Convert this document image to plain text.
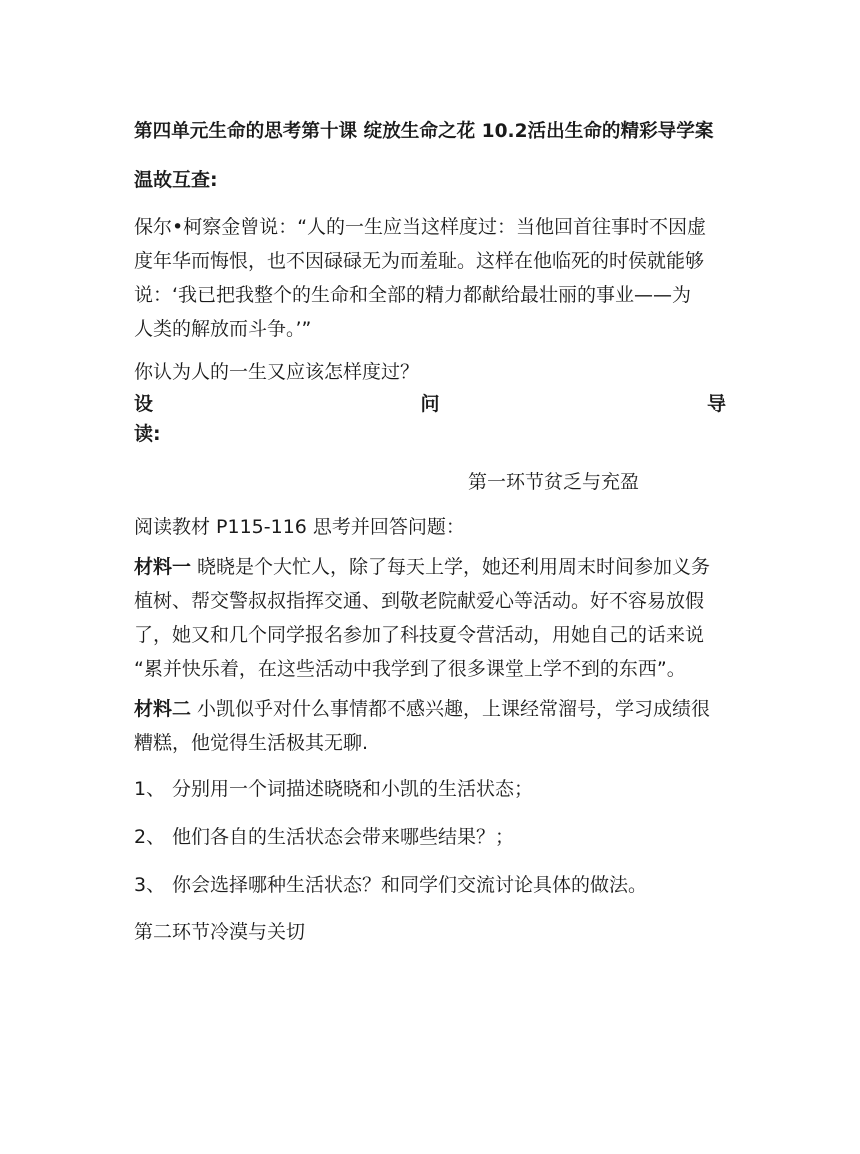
第四单元生命的思考第十课 绽放生命之花 10.2活出生命的精彩导学案

温故互查:

保尔•柯察金曾说：“人的一生应当这样度过：当他回首往事时不因虚

度年华而悔恨，也不因碌碌无为而羞耻。这样在他临死的时侯就能够

说：‘我已把我整个的生命和全部的精力都献给最壮丽的事业——为

人类的解放而斗争。’”

你认为人的一生又应该怎样度过？

设	问	导

读:

第一环节贫乏与充盈

阅读教材 P115-116 思考并回答问题：

材料一 晓晓是个大忙人，除了每天上学，她还利用周末时间参加义务

植树、帮交警叔叔指挥交通、到敬老院献爱心等活动。好不容易放假

了，她又和几个同学报名参加了科技夏令营活动，用她自己的话来说

“累并快乐着，在这些活动中我学到了很多课堂上学不到的东西”。

材料二 小凯似乎对什么事情都不感兴趣，上课经常溜号，学习成绩很

糟糕，他觉得生活极其无聊.

1、 分别用一个词描述晓晓和小凯的生活状态；
2、 他们各自的生活状态会带来哪些结果？；
3、 你会选择哪种生活状态？和同学们交流讨论具体的做法。

第二环节冷漠与关切
